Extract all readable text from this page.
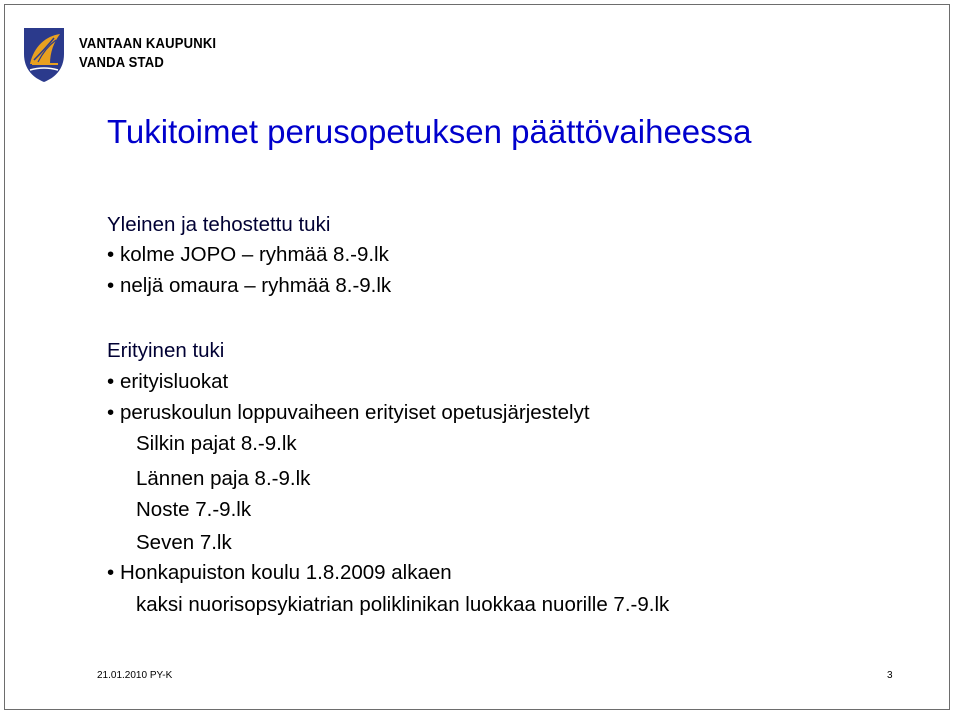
VANTAAN KAUPUNKI
VANDA STAD
Tukitoimet perusopetuksen päättövaiheessa
Yleinen ja tehostettu tuki
• kolme JOPO – ryhmää 8.-9.lk
• neljä omaura – ryhmää 8.-9.lk
Erityinen tuki
• erityisluokat
• peruskoulun loppuvaiheen erityiset opetusjärjestelyt
Silkin pajat 8.-9.lk
Lännen paja 8.-9.lk
Noste 7.-9.lk
Seven 7.lk
• Honkapuiston koulu 1.8.2009 alkaen
kaksi nuorisopsykiatrian poliklinikan luokkaa nuorille 7.-9.lk
21.01.2010 PY-K	3
